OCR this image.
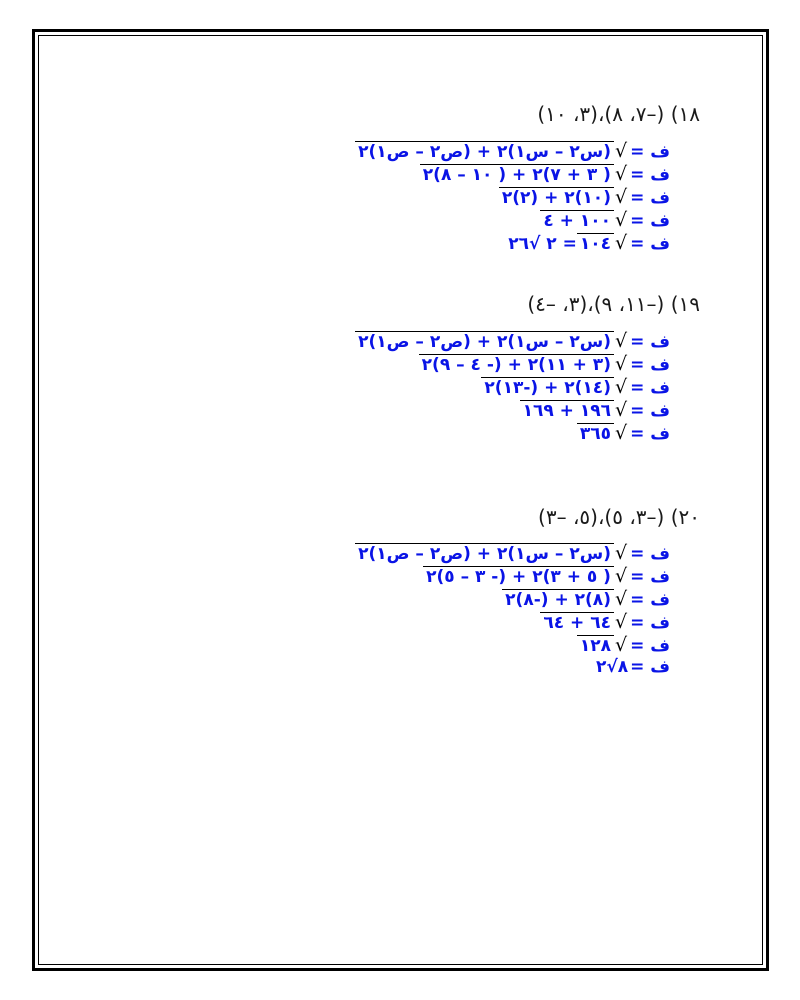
١٨) (–٧، ٨)،(٣، ١٠)
ف =√(س٢ – س١)٢ + (ص٢ – ص١)٢
ف =√( ٣ + ٧)٢ + ( ١٠ – ٨)٢
ف =√(١٠)٢ + (٢)٢
ف =√١٠٠ + ٤
ف =√١٠٤= ٢ √٢٦
١٩) (–١١، ٩)،(٣، –٤)
ف =√(س٢ – س١)٢ + (ص٢ – ص١)٢
ف =√(٣ + ١١)٢ + (- ٤ – ٩)٢
ف =√(١٤)٢ + (-١٣)٢
ف =√١٩٦ + ١٦٩
ف =√٣٦٥
٢٠) (–٣، ٥)،(٥، –٣)
ف =√(س٢ – س١)٢ + (ص٢ – ص١)٢
ف =√( ٥ + ٣)٢ + (- ٣ – ٥)٢
ف =√(٨)٢ + (-٨)٢
ف =√٦٤ + ٦٤
ف =√١٢٨
ف =٨√٢
